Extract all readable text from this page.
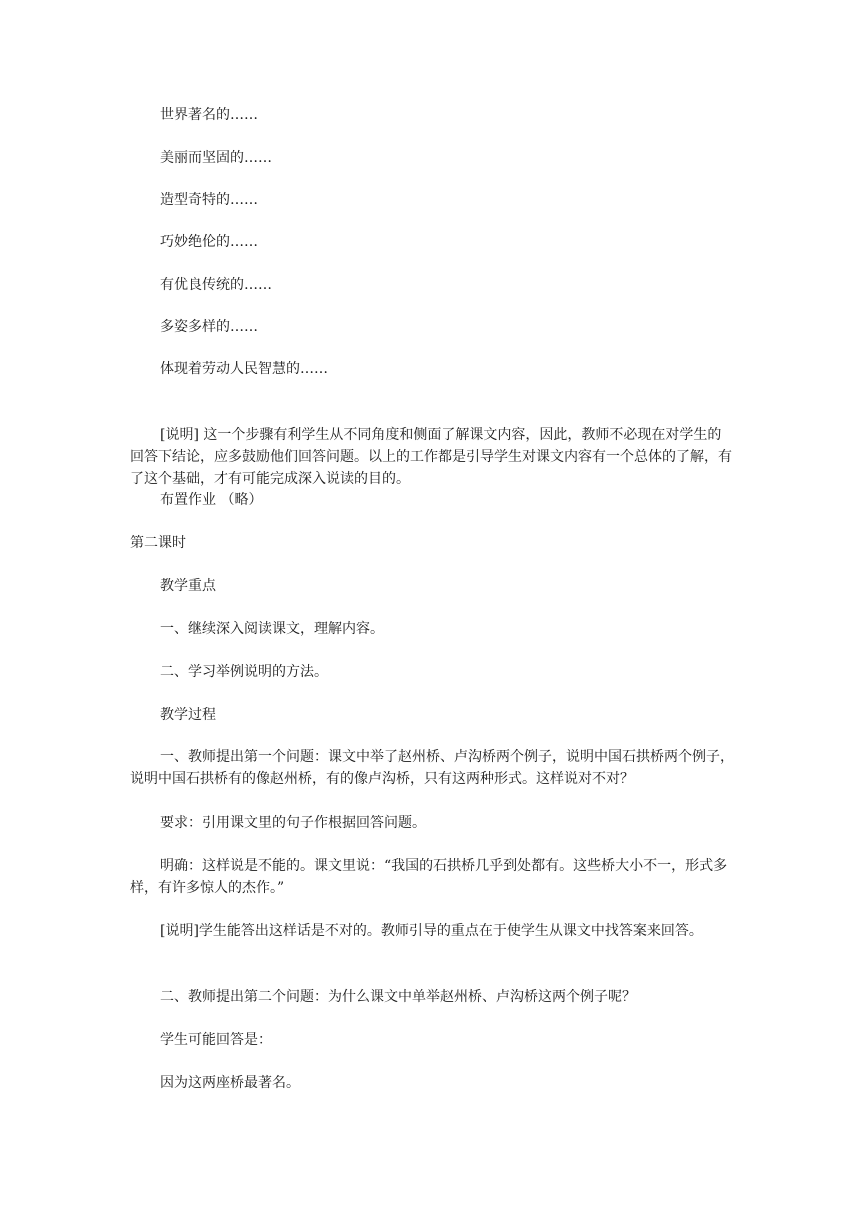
世界著名的……

美丽而坚固的……

造型奇特的……

巧妙绝伦的……

有优良传统的……

多姿多样的……

体现着劳动人民智慧的……

[说明] 这一个步骤有利学生从不同角度和侧面了解课文内容，因此，教师不必现在对学生的回答下结论，应多鼓励他们回答问题。以上的工作都是引导学生对课文内容有一个总体的了解，有了这个基础，才有可能完成深入说读的目的。

布置作业 （略）

第二课时

教学重点

一、继续深入阅读课文，理解内容。

二、学习举例说明的方法。

教学过程

一、教师提出第一个问题：课文中举了赵州桥、卢沟桥两个例子，说明中国石拱桥两个例子，说明中国石拱桥有的像赵州桥，有的像卢沟桥，只有这两种形式。这样说对不对？

要求：引用课文里的句子作根据回答问题。

明确：这样说是不能的。课文里说：“我国的石拱桥几乎到处都有。这些桥大小不一，形式多样，有许多惊人的杰作。”

[说明]学生能答出这样话是不对的。教师引导的重点在于使学生从课文中找答案来回答。

二、教师提出第二个问题：为什么课文中单举赵州桥、卢沟桥这两个例子呢？

学生可能回答是：

因为这两座桥最著名。
